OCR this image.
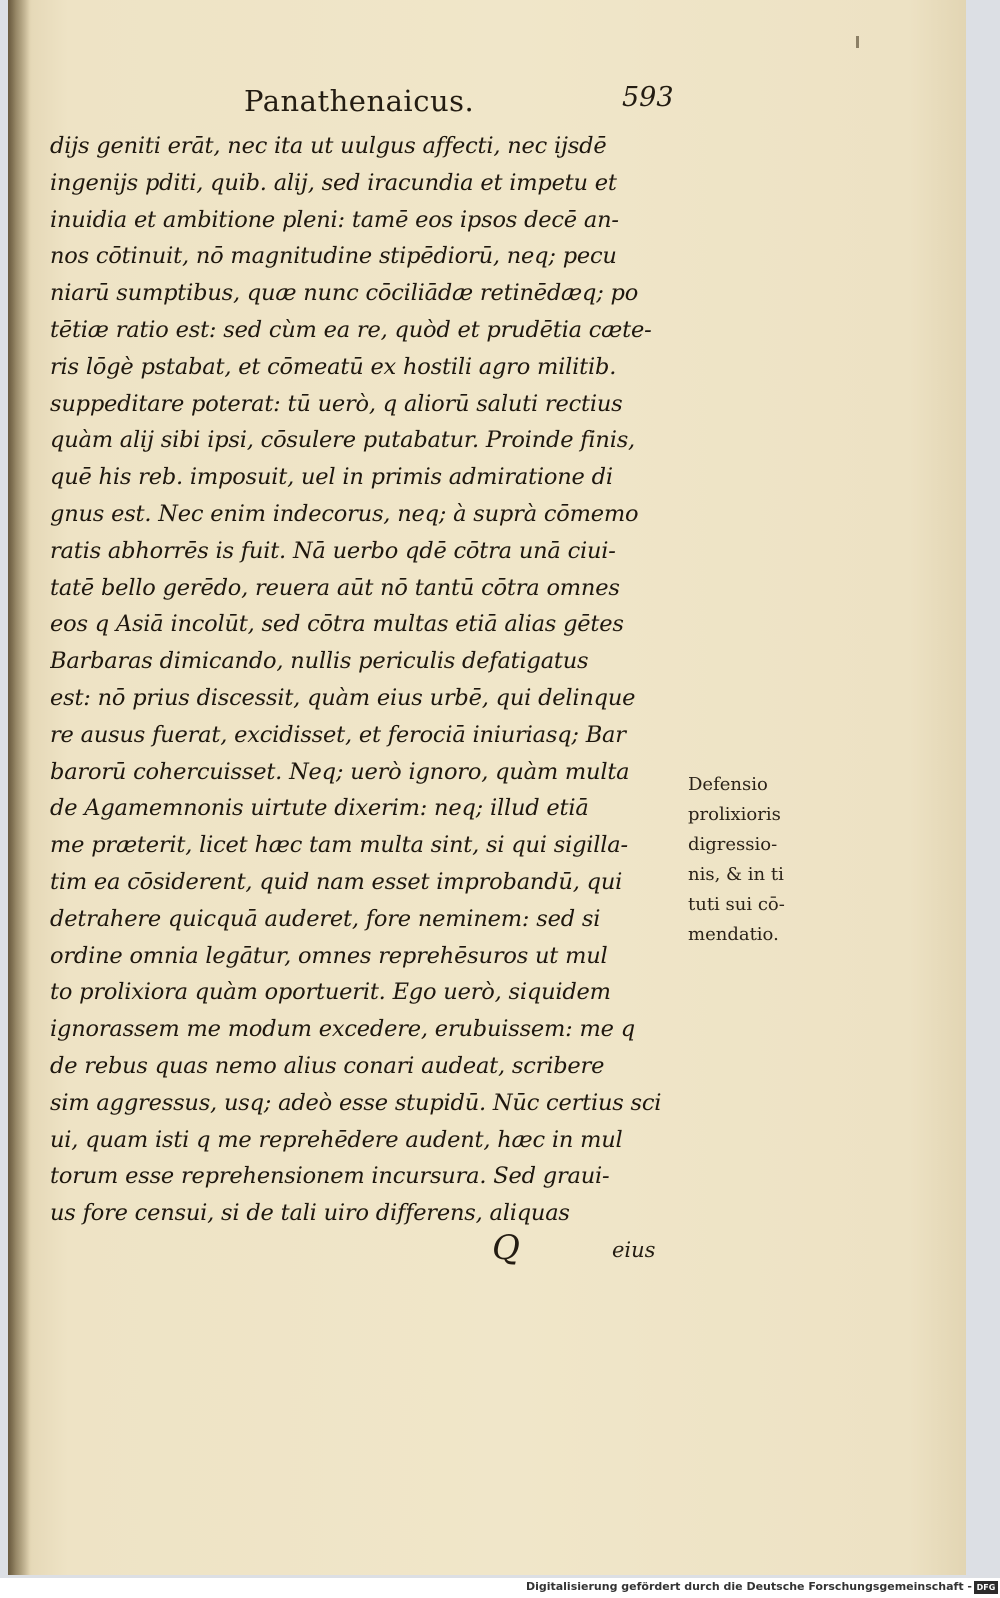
Panathenaicus.	593
dijs geniti erāt, nec ita ut uulgus affecti, nec ijsdē
ingenijs pditi, quib. alij, sed iracundia et impetu et
inuidia et ambitione pleni: tamē eos ipsos decē an-
nos cōtinuit, nō magnitudine stipēdiorū, neq; pecu
niarū sumptibus, quæ nunc cōciliādæ retinēdæq; po
tētiæ ratio est: sed cùm ea re, quòd et prudētia cæte-
ris lōgè pstabat, et cōmeatū ex hostili agro militib.
suppeditare poterat: tū uerò, q aliorū saluti rectius
quàm alij sibi ipsi, cōsulere putabatur. Proinde finis,
quē his reb. imposuit, uel in primis admiratione di
gnus est. Nec enim indecorus, neq; à suprà cōmemo
ratis abhorrēs is fuit. Nā uerbo qdē cōtra unā ciui-
tatē bello gerēdo, reuera aūt nō tantū cōtra omnes
eos q Asiā incolūt, sed cōtra multas etiā alias gētes
Barbaras dimicando, nullis periculis defatigatus
est: nō prius discessit, quàm eius urbē, qui delinque
re ausus fuerat, excidisset, et ferociā iniuriasq; Bar
barorū cohercuisset. Neq; uerò ignoro, quàm multa
de Agamemnonis uirtute dixerim: neq; illud etiā
me præterit, licet hæc tam multa sint, si qui sigilla-
tim ea cōsiderent, quid nam esset improbandū, qui
detrahere quicquā auderet, fore neminem: sed si
ordine omnia legātur, omnes reprehēsuros ut mul
to prolixiora quàm oportuerit. Ego uerò, siquidem
ignorassem me modum excedere, erubuissem: me q
de rebus quas nemo alius conari audeat, scribere
sim aggressus, usq; adeò esse stupidū. Nūc certius sci
ui, quam isti q me reprehēdere audent, hæc in mul
torum esse reprehensionem incursura. Sed graui-
us fore censui, si de tali uiro differens, aliquas
Defensio
prolixioris
digressio-
nis, & in ti
tuti sui cō-
mendatio.
Q	eius
Digitalisierung gefördert durch die Deutsche Forschungsgemeinschaft - DFG
